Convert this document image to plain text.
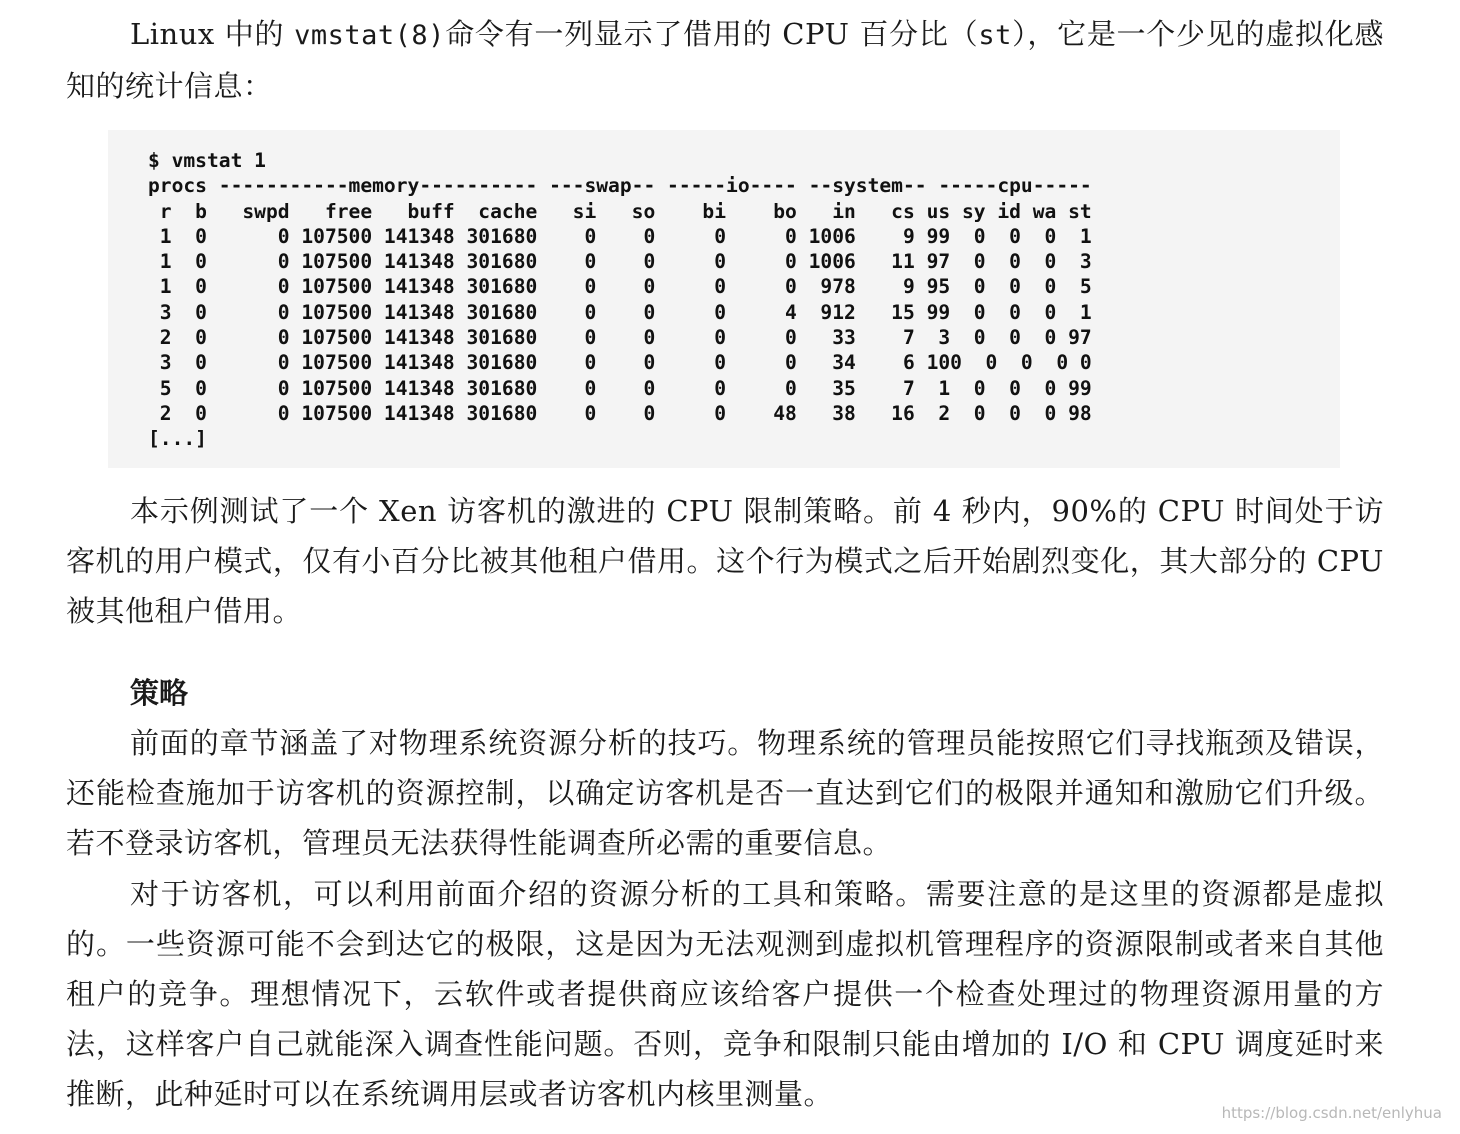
Linux 中的 vmstat(8)命令有一列显示了借用的 CPU 百分比（st），它是一个少见的虚拟化感知的统计信息：

$ vmstat 1
procs -----------memory---------- ---swap-- -----io---- --system-- -----cpu-----
r  b   swpd   free   buff  cache   si   so    bi    bo   in   cs us sy id wa st
1  0      0 107500 141348 301680    0    0     0     0 1006    9 99  0  0  0  1
1  0      0 107500 141348 301680    0    0     0     0 1006   11 97  0  0  0  3
1  0      0 107500 141348 301680    0    0     0     0  978    9 95  0  0  0  5
3  0      0 107500 141348 301680    0    0     0     4  912   15 99  0  0  0  1
2  0      0 107500 141348 301680    0    0     0     0   33    7  3  0  0  0 97
3  0      0 107500 141348 301680    0    0     0     0   34    6 100  0  0  0 0
5  0      0 107500 141348 301680    0    0     0     0   35    7  1  0  0  0 99
2  0      0 107500 141348 301680    0    0     0    48   38   16  2  0  0  0 98
[...]

本示例测试了一个 Xen 访客机的激进的 CPU 限制策略。前 4 秒内，90%的 CPU 时间处于访客机的用户模式，仅有小百分比被其他租户借用。这个行为模式之后开始剧烈变化，其大部分的 CPU 被其他租户借用。

策略

前面的章节涵盖了对物理系统资源分析的技巧。物理系统的管理员能按照它们寻找瓶颈及错误，还能检查施加于访客机的资源控制，以确定访客机是否一直达到它们的极限并通知和激励它们升级。若不登录访客机，管理员无法获得性能调查所必需的重要信息。

对于访客机，可以利用前面介绍的资源分析的工具和策略。需要注意的是这里的资源都是虚拟的。一些资源可能不会到达它的极限，这是因为无法观测到虚拟机管理程序的资源限制或者来自其他租户的竞争。理想情况下，云软件或者提供商应该给客户提供一个检查处理过的物理资源用量的方法，这样客户自己就能深入调查性能问题。否则，竞争和限制只能由增加的 I/O 和 CPU 调度延时来推断，此种延时可以在系统调用层或者访客机内核里测量。

https://blog.csdn.net/enlyhua
